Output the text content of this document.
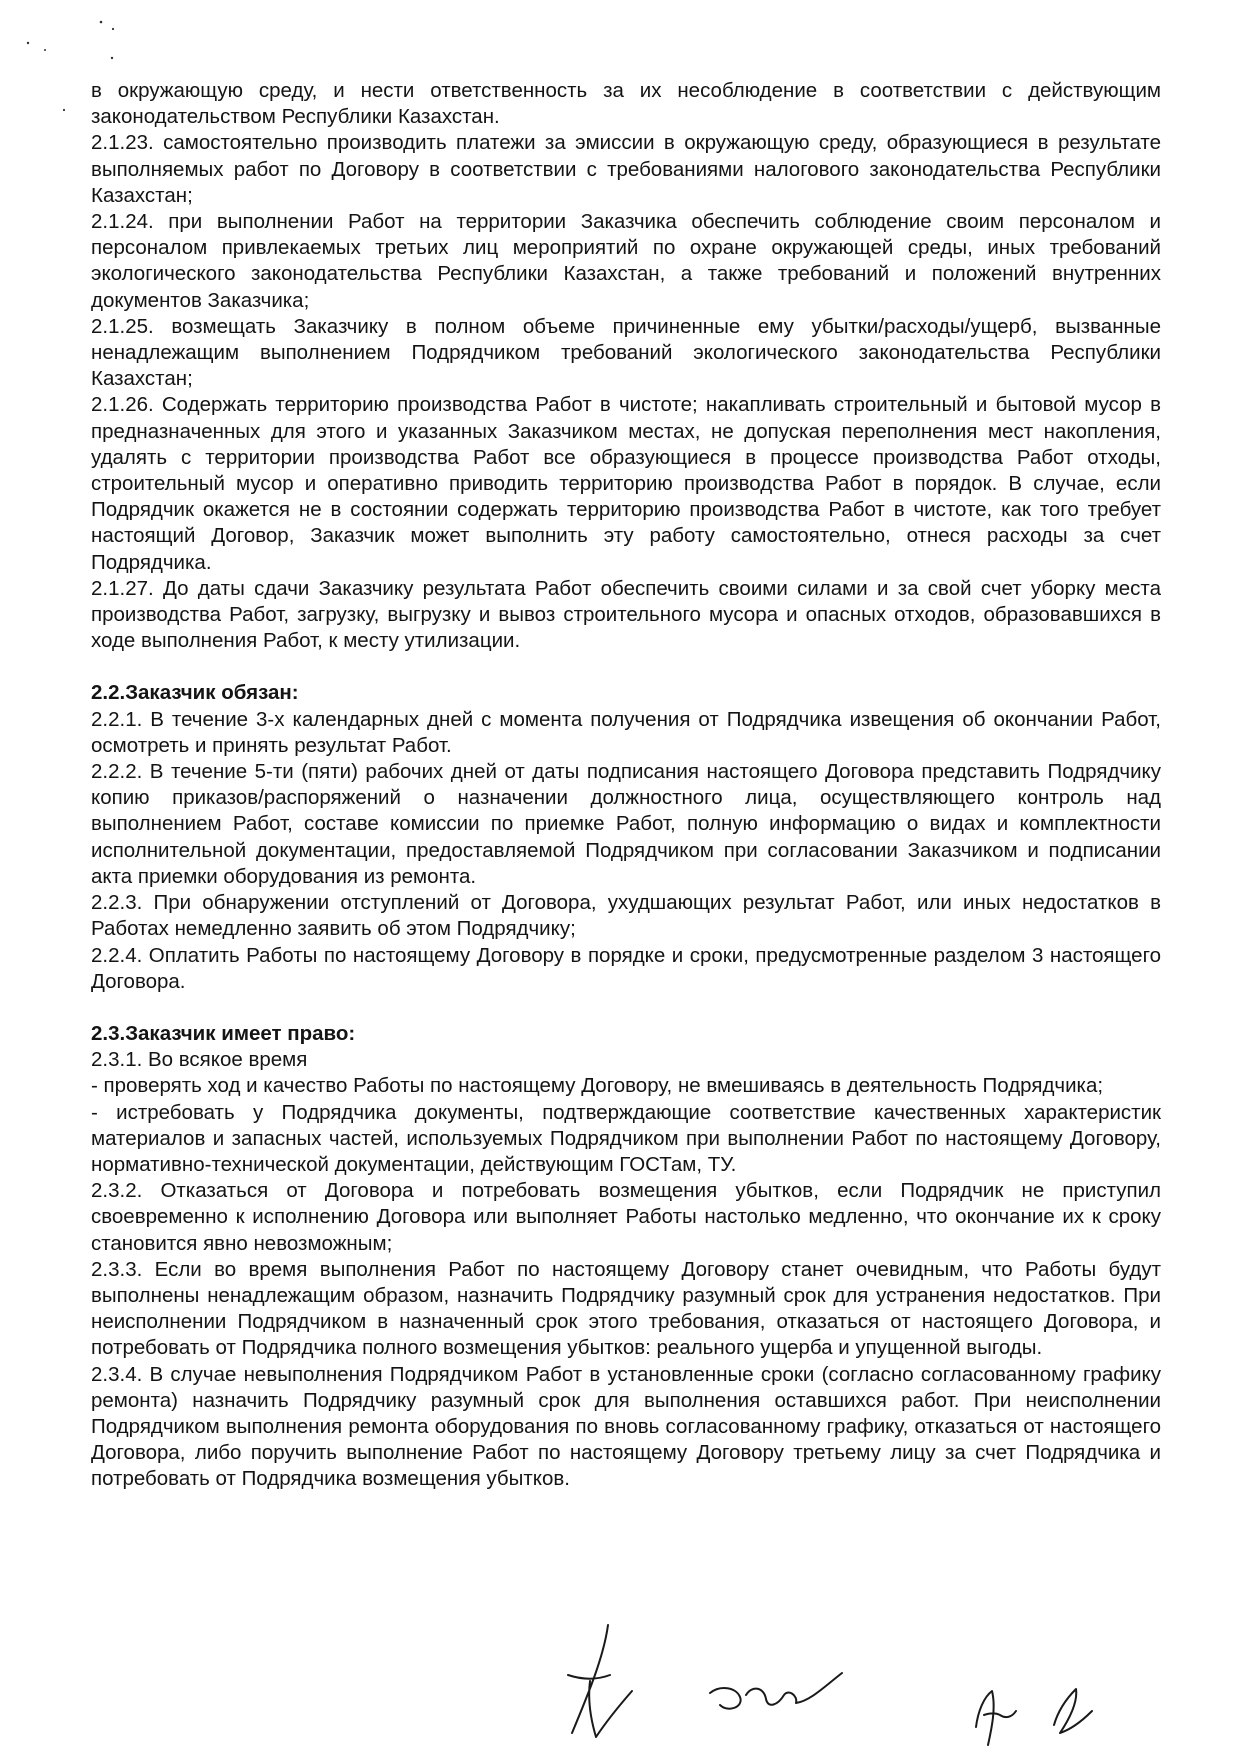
в окружающую среду, и нести ответственность за их несоблюдение в соответствии с действующим законодательством Республики Казахстан.

2.1.23. самостоятельно производить платежи за эмиссии в окружающую среду, образующиеся в результате выполняемых работ по Договору в соответствии с требованиями налогового законодательства Республики Казахстан;

2.1.24. при выполнении Работ на территории Заказчика обеспечить соблюдение своим персоналом и персоналом привлекаемых третьих лиц мероприятий по охране окружающей среды, иных требований экологического законодательства Республики Казахстан, а также требований и положений внутренних документов Заказчика;

2.1.25. возмещать Заказчику в полном объеме причиненные ему убытки/расходы/ущерб, вызванные ненадлежащим выполнением Подрядчиком требований экологического законодательства Республики Казахстан;

2.1.26. Содержать территорию производства Работ в чистоте; накапливать строительный и бытовой мусор в предназначенных для этого и указанных Заказчиком местах, не допуская переполнения мест накопления, удалять с территории производства Работ все образующиеся в процессе производства Работ отходы, строительный мусор и оперативно приводить территорию производства Работ в порядок. В случае, если Подрядчик окажется не в состоянии содержать территорию производства Работ в чистоте, как того требует настоящий Договор, Заказчик может выполнить эту работу самостоятельно, отнеся расходы за счет Подрядчика.

2.1.27. До даты сдачи Заказчику результата Работ обеспечить своими силами и за свой счет уборку места производства Работ, загрузку, выгрузку и вывоз строительного мусора и опасных отходов, образовавшихся в ходе выполнения Работ, к месту утилизации.

2.2.Заказчик обязан:

2.2.1. В течение 3-х календарных дней с момента получения от Подрядчика извещения об окончании Работ, осмотреть и принять результат Работ.

2.2.2. В течение 5-ти (пяти) рабочих дней от даты подписания настоящего Договора представить Подрядчику копию приказов/распоряжений о назначении должностного лица, осуществляющего контроль над выполнением Работ, составе комиссии по приемке Работ, полную информацию о видах и комплектности исполнительной документации, предоставляемой Подрядчиком при согласовании Заказчиком и подписании акта приемки оборудования из ремонта.

2.2.3. При обнаружении отступлений от Договора, ухудшающих результат Работ, или иных недостатков в Работах немедленно заявить об этом Подрядчику;

2.2.4. Оплатить Работы по настоящему Договору в порядке и сроки, предусмотренные разделом 3 настоящего Договора.

2.3.Заказчик имеет право:

2.3.1. Во всякое время

- проверять ход и качество Работы по настоящему Договору, не вмешиваясь в деятельность Подрядчика;

- истребовать у Подрядчика документы, подтверждающие соответствие качественных характеристик материалов и запасных частей, используемых Подрядчиком при выполнении Работ по настоящему Договору, нормативно-технической документации, действующим ГОСТам, ТУ.

2.3.2. Отказаться от Договора и потребовать возмещения убытков, если Подрядчик не приступил своевременно к исполнению Договора или выполняет Работы настолько медленно, что окончание их к сроку становится явно невозможным;

2.3.3. Если во время выполнения Работ по настоящему Договору станет очевидным, что Работы будут выполнены ненадлежащим образом, назначить Подрядчику разумный срок для устранения недостатков. При неисполнении Подрядчиком в назначенный срок этого требования, отказаться от настоящего Договора, и потребовать от Подрядчика полного возмещения убытков: реального ущерба и упущенной выгоды.

2.3.4. В случае невыполнения Подрядчиком Работ в установленные сроки (согласно согласованному графику ремонта) назначить Подрядчику разумный срок для выполнения оставшихся работ. При неисполнении Подрядчиком выполнения ремонта оборудования по вновь согласованному графику, отказаться от настоящего Договора, либо поручить выполнение Работ по настоящему Договору третьему лицу за счет Подрядчика и потребовать от Подрядчика возмещения убытков.
